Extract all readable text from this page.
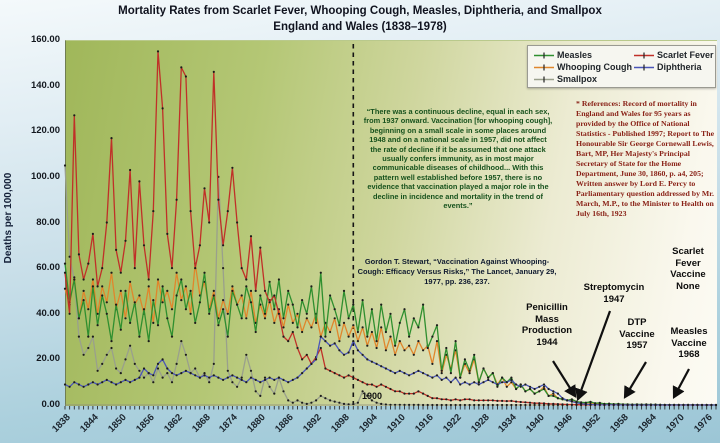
Mortality Rates from Scarlet Fever, Whooping Cough, Measles, Diphtheria, and Smallpox
England and Wales (1838–1978)
Deaths per 100,000
160.00
140.00
120.00
100.00
80.00
60.00
40.00
20.00
0.00
1838 1844 1850 1856 1862 1868 1874 1880 1886 1892 1898 1904 1910 1916 1922 1928 1934 1940 1946 1952 1958 1964 1970 1976
Measles	Scarlet Fever
Whooping Cough	Diphtheria
Smallpox
“There was a continuous decline, equal in each sex, from 1937 onward. Vaccination [for whooping cough], beginning on a small scale in some places around 1948 and on a national scale in 1957, did not affect the rate of decline if it be assumed that one attack usually confers immunity, as in most major communicable diseases of childhood... With this pattern well established before 1957, there is no evidence that vaccination played a major role in the decline in incidence and mortality in the trend of events.”
Gordon T. Stewart, “Vaccination Against Whooping-Cough: Efficacy Versus Risks,” The Lancet, January 29, 1977, pp. 236, 237.
* References: Record of mortality in England and Wales for 95 years as provided by the Office of National Statistics - Published 1997; Report to The Honourable Sir George Cornewall Lewis, Bart, MP, Her Majesty's Principal Secretary of State for the Home Department, June 30, 1860, p. a4, 205; Written answer by Lord E. Percy to Parliamentary question addressed by Mr. March, M.P., to the Minister to Health on July 16th, 1923
Penicillin
Mass
Production
1944
Streptomycin
1947
Scarlet
Fever
Vaccine
None
DTP
Vaccine
1957
Measles
Vaccine
1968
1900
